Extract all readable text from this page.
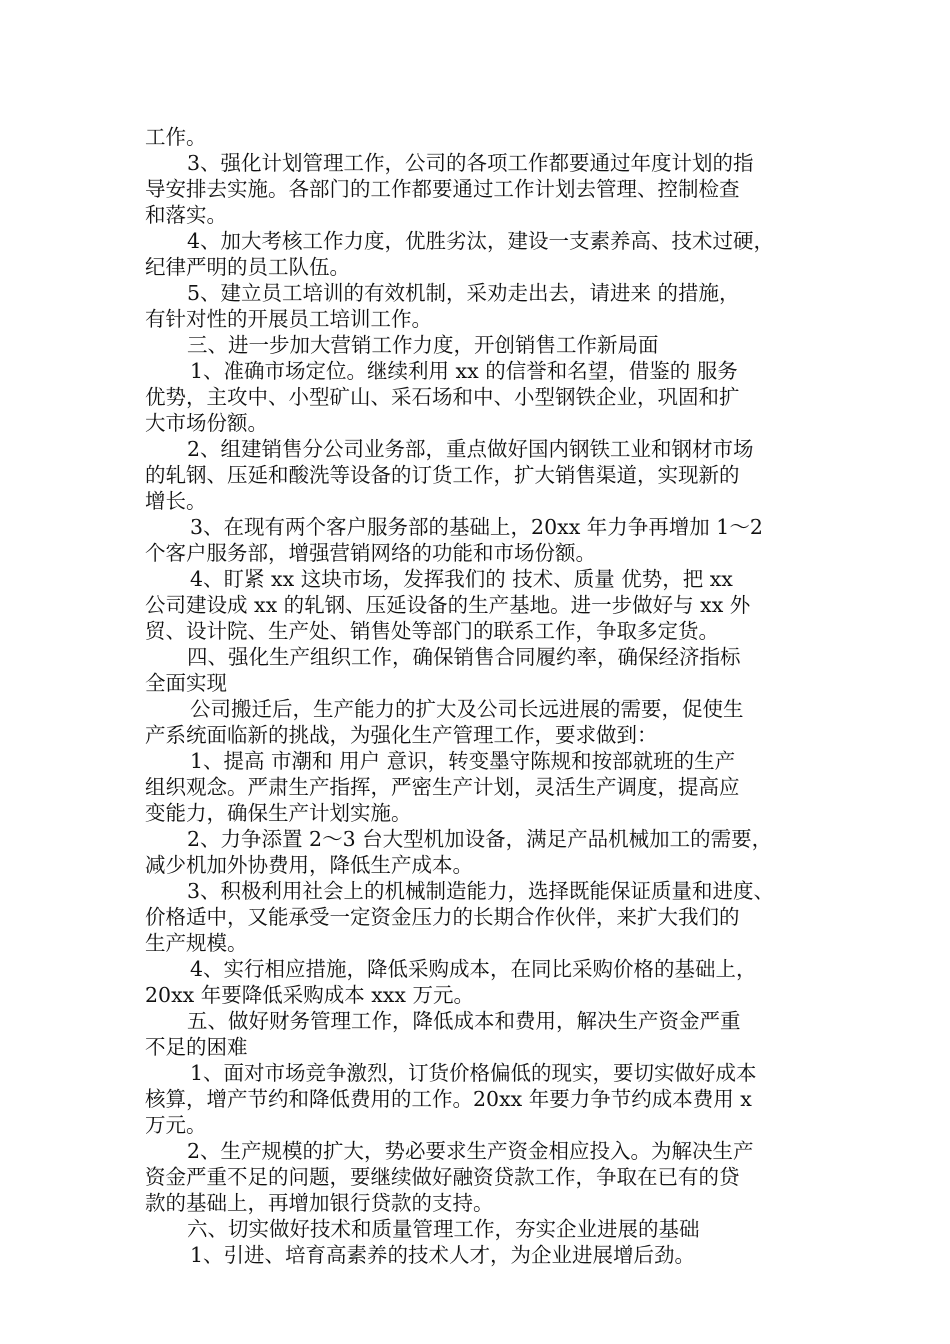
工作。
3、强化计划管理工作，公司的各项工作都要通过年度计划的指
导安排去实施。各部门的工作都要通过工作计划去管理、控制检查
和落实。
4、加大考核工作力度，优胜劣汰，建设一支素养高、技术过硬，
纪律严明的员工队伍。
5、建立员工培训的有效机制，采劝走出去，请进来 的措施，
有针对性的开展员工培训工作。
三、进一步加大营销工作力度，开创销售工作新局面
1、准确市场定位。继续利用 xx 的信誉和名望，借鉴的 服务
优势，主攻中、小型矿山、采石场和中、小型钢铁企业，巩固和扩
大市场份额。
2、组建销售分公司业务部，重点做好国内钢铁工业和钢材市场
的轧钢、压延和酸洗等设备的订货工作，扩大销售渠道，实现新的
增长。
3、在现有两个客户服务部的基础上，20xx 年力争再增加 1～2
个客户服务部，增强营销网络的功能和市场份额。
4、盯紧 xx 这块市场，发挥我们的 技术、质量 优势，把 xx
公司建设成 xx 的轧钢、压延设备的生产基地。进一步做好与 xx 外
贸、设计院、生产处、销售处等部门的联系工作，争取多定货。
四、强化生产组织工作，确保销售合同履约率，确保经济指标
全面实现
公司搬迁后，生产能力的扩大及公司长远进展的需要，促使生
产系统面临新的挑战，为强化生产管理工作，要求做到：
1、提高 市潮和 用户 意识，转变墨守陈规和按部就班的生产
组织观念。严肃生产指挥，严密生产计划，灵活生产调度，提高应
变能力，确保生产计划实施。
2、力争添置 2～3 台大型机加设备，满足产品机械加工的需要，
减少机加外协费用，降低生产成本。
3、积极利用社会上的机械制造能力，选择既能保证质量和进度、
价格适中，又能承受一定资金压力的长期合作伙伴，来扩大我们的
生产规模。
4、实行相应措施，降低采购成本，在同比采购价格的基础上，
20xx 年要降低采购成本 xxx 万元。
五、做好财务管理工作，降低成本和费用，解决生产资金严重
不足的困难
1、面对市场竞争激烈，订货价格偏低的现实，要切实做好成本
核算，增产节约和降低费用的工作。20xx 年要力争节约成本费用 x
万元。
2、生产规模的扩大，势必要求生产资金相应投入。为解决生产
资金严重不足的问题，要继续做好融资贷款工作，争取在已有的贷
款的基础上，再增加银行贷款的支持。
六、切实做好技术和质量管理工作，夯实企业进展的基础
1、引进、培育高素养的技术人才，为企业进展增后劲。
